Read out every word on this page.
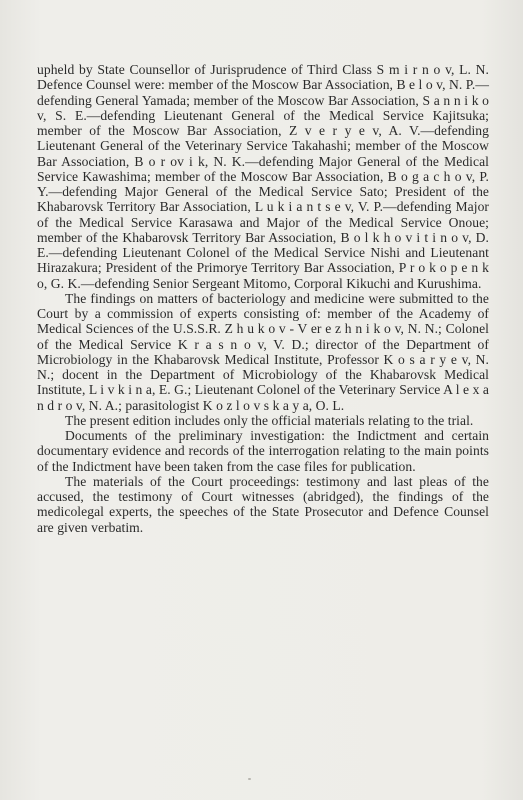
upheld by State Counsellor of Jurisprudence of Third Class S m i r n o v, L. N. Defence Counsel were: member of the Moscow Bar Association, B e l o v, N. P.—defending General Yamada; member of the Moscow Bar Association, S a n n i k o v, S. E.—defending Lieutenant General of the Medical Service Kajitsuka; member of the Moscow Bar Association, Z v e r y e v, A. V.—defending Lieutenant General of the Veterinary Service Takahashi; member of the Moscow Bar Association, B o r ov i k, N. K.—defending Major General of the Medical Service Kawashima; member of the Moscow Bar Association, B o g a c h o v, P. Y.—defending Major General of the Medical Service Sato; President of the Khabarovsk Territory Bar Association, L u k i a n t s e v, V. P.—defending Major of the Medical Service Karasawa and Major of the Medical Service Onoue; member of the Khabarovsk Territory Bar Association, B o l k h o v i t i n o v, D. E.—defending Lieutenant Colonel of the Medical Service Nishi and Lieutenant Hirazakura; President of the Primorye Territory Bar Association, P r o k o p e n k o, G. K.—defending Senior Sergeant Mitomo, Corporal Kikuchi and Kurushima.

The findings on matters of bacteriology and medicine were submitted to the Court by a commission of experts consisting of: member of the Academy of Medical Sciences of the U.S.S.R. Z h u k o v - V er e z h n i k o v, N. N.; Colonel of the Medical Service K r a s n o v, V. D.; director of the Department of Microbiology in the Khabarovsk Medical Institute, Professor K o s a r y e v, N. N.; docent in the Department of Microbiology of the Khabarovsk Medical Institute, L i v k i n a, E. G.; Lieutenant Colonel of the Veterinary Service A l e x a n d r o v, N. A.; parasitologist K o z l o v s k a y a, O. L.

The present edition includes only the official materials relating to the trial.

Documents of the preliminary investigation: the Indictment and certain documentary evidence and records of the interrogation relating to the main points of the Indictment have been taken from the case files for publication.

The materials of the Court proceedings: testimony and last pleas of the accused, the testimony of Court witnesses (abridged), the findings of the medicolegal experts, the speeches of the State Prosecutor and Defence Counsel are given verbatim.
